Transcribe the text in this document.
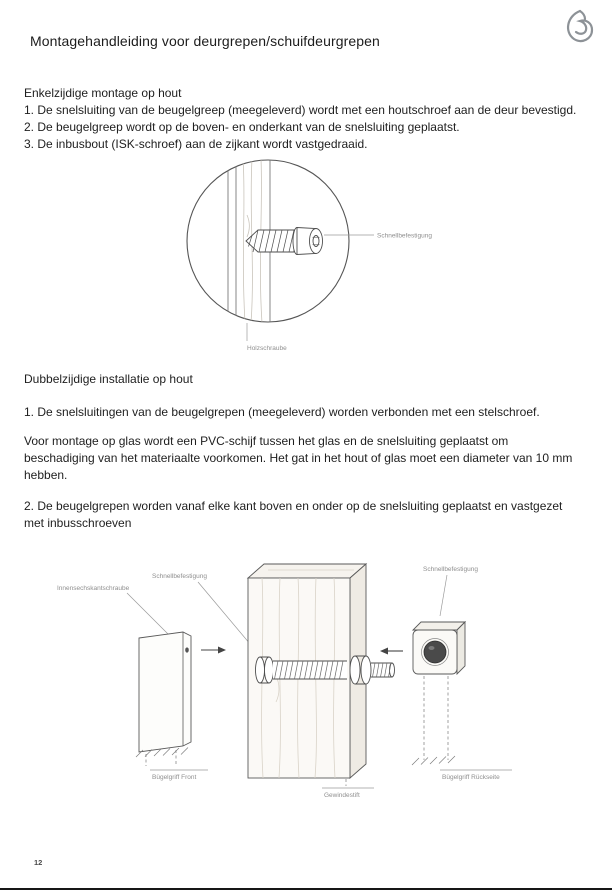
Montagehandleiding voor deurgrepen/schuifdeurgrepen
Enkelzijdige montage op hout

1. De snelsluiting van de beugelgreep (meegeleverd) wordt met een houtschroef aan de deur bevestigd.

2. De beugelgreep wordt op de boven- en onderkant van de snelsluiting geplaatst.

3. De inbusbout (ISK-schroef) aan de zijkant wordt vastgedraaid.

Schnellbefestigung
Holzschraube
Dubbelzijdige installatie op hout

1. De snelsluitingen van de beugelgrepen (meegeleverd) worden verbonden met een stelschroef.

Voor montage op glas wordt een PVC-schijf tussen het glas en de snelsluiting geplaatst om beschadiging van het materiaalte voorkomen. Het gat in het hout of glas moet een diameter van 10 mm hebben.

2. De beugelgrepen worden vanaf elke kant boven en onder op de snelsluiting geplaatst en vastgezet met inbusschroeven

Schnellbefestigung
Innensechskantschraube
Schnellbefestigung
Bügelgriff Front
Gewindestift
Bügelgriff Rückseite
12
